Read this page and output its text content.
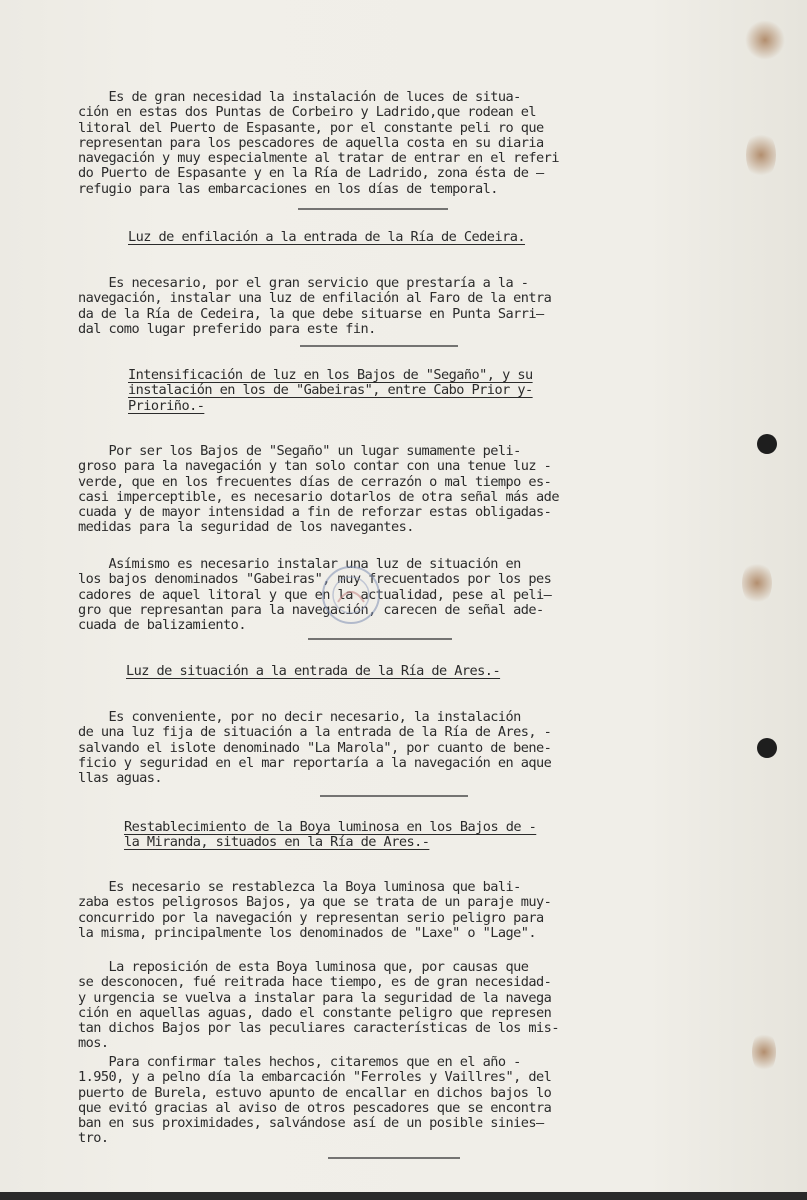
Es de gran necesidad la instalación de luces de situa-
ción en estas dos Puntas de Corbeiro y Ladrido,que rodean el
litoral del Puerto de Espasante, por el constante peli ro que
representan para los pescadores de aquella costa en su diaria
navegación y muy especialmente al tratar de entrar en el referi
do Puerto de Espasante y en la Ría de Ladrido, zona ésta de —
refugio para las embarcaciones en los días de temporal.
Luz de enfilación a la entrada de la Ría de Cedeira.
Es necesario, por el gran servicio que prestaría a la -
navegación, instalar una luz de enfilación al Faro de la entra
da de la Ría de Cedeira, la que debe situarse en Punta Sarri—
dal como lugar preferido para este fin.
Intensificación de luz en los Bajos de "Segaño", y su
instalación en los de "Gabeiras", entre Cabo Prior y-
Prioriño.-
Por ser los Bajos de "Segaño" un lugar sumamente peli-
groso para la navegación y tan solo contar con una tenue luz -
verde, que en los frecuentes días de cerrazón o mal tiempo es-
casi imperceptible, es necesario dotarlos de otra señal más ade
cuada y de mayor intensidad a fin de reforzar estas obligadas-
medidas para la seguridad de los navegantes.
Asímismo es necesario instalar una luz de situación en
los bajos denominados "Gabeiras", muy frecuentados por los pes
cadores de aquel litoral y que en la actualidad, pese al peli—
gro que represantan para la navegación, carecen de señal ade-
cuada de balizamiento.
Luz de situación a la entrada de la Ría de Ares.-
Es conveniente, por no decir necesario, la instalación
de una luz fija de situación a la entrada de la Ría de Ares, -
salvando el islote denominado "La Marola", por cuanto de bene-
ficio y seguridad en el mar reportaría a la navegación en aque
llas aguas.
Restablecimiento de la Boya luminosa en los Bajos de -
la Miranda, situados en la Ría de Ares.-
Es necesario se restablezca la Boya luminosa que bali-
zaba estos peligrosos Bajos, ya que se trata de un paraje muy-
concurrido por la navegación y representan serio peligro para
la misma, principalmente los denominados de "Laxe" o "Lage".
La reposición de esta Boya luminosa que, por causas que
se desconocen, fué reitrada hace tiempo, es de gran necesidad-
y urgencia se vuelva a instalar para la seguridad de la navega
ción en aquellas aguas, dado el constante peligro que represen
tan dichos Bajos por las peculiares características de los mis-
mos.
Para confirmar tales hechos, citaremos que en el año -
1.950, y a pelno día la embarcación "Ferroles y Vaillres", del
puerto de Burela, estuvo apunto de encallar en dichos bajos lo
que evitó gracias al aviso de otros pescadores que se encontra
ban en sus proximidades, salvándose así de un posible sinies—
tro.
